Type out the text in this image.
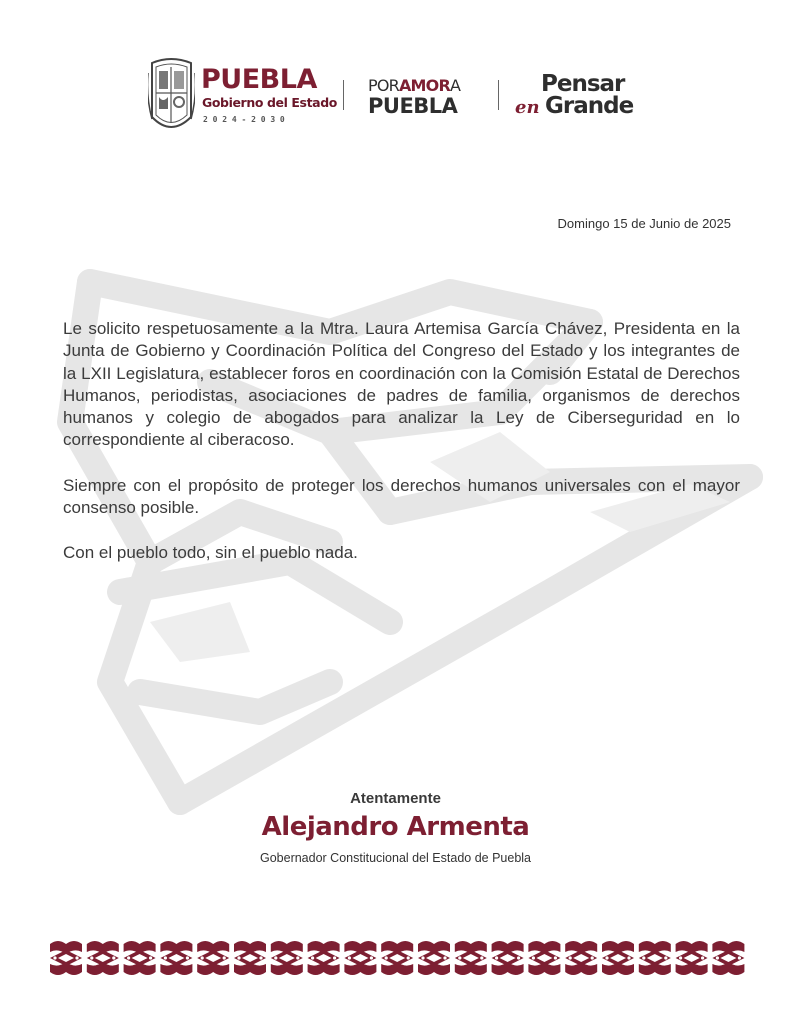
PUEBLA
Gobierno del Estado
2024-2030
PORAMORA
PUEBLA
Pensar
en Grande
Domingo 15 de Junio de 2025

Le solicito respetuosamente a la Mtra. Laura Artemisa García Chávez, Presidenta en la Junta de Gobierno y Coordinación Política del Congreso del Estado y los integrantes de la LXII Legislatura, establecer foros en coordinación con la Comisión Estatal de Derechos Humanos, periodistas, asociaciones de padres de familia, organismos de derechos humanos y colegio de abogados para analizar la Ley de Ciberseguridad en lo correspondiente al ciberacoso.

Siempre con el propósito de proteger los derechos humanos universales con el mayor consenso posible.

Con el pueblo todo, sin el pueblo nada.

Atentamente
Alejandro Armenta
Gobernador Constitucional del Estado de Puebla
